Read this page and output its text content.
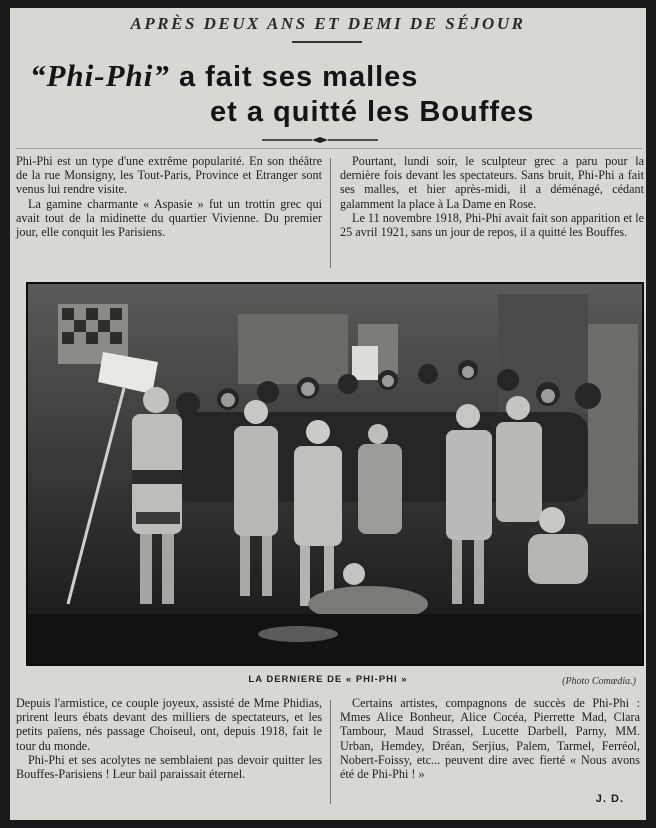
APRÈS DEUX ANS ET DEMI DE SÉJOUR
“Phi-Phi” a fait ses malles
et a quitté les Bouffes

Phi-Phi est un type d'une extrême popularité. En son théâtre de la rue Monsigny, les Tout-Paris, Province et Etranger sont venus lui rendre visite.

La gamine charmante « Aspasie » fut un trottin grec qui avait tout de la midinette du quartier Vivienne. Du premier jour, elle conquit les Parisiens.

Pourtant, lundi soir, le sculpteur grec a paru pour la dernière fois devant les spectateurs. Sans bruit, Phi-Phi a fait ses malles, et hier après-midi, il a déménagé, cédant galamment la place à La Dame en Rose.

Le 11 novembre 1918, Phi-Phi avait fait son apparition et le 25 avril 1921, sans un jour de repos, il a quitté les Bouffes.

LA DERNIERE DE « PHI-PHI »	(Photo Comœdia.)

Depuis l'armistice, ce couple joyeux, assisté de Mme Phidias, prirent leurs ébats devant des milliers de spectateurs, et les petits païens, nés passage Choiseul, ont, depuis 1918, fait le tour du monde.

Phi-Phi et ses acolytes ne semblaient pas devoir quitter les Bouffes-Parisiens ! Leur bail paraissait éternel.

Certains artistes, compagnons de succès de Phi-Phi : Mmes Alice Bonheur, Alice Cocéa, Pierrette Mad, Clara Tambour, Maud Strassel, Lucette Darbell, Parny, MM. Urban, Hemdey, Dréan, Serjius, Palem, Tarmel, Ferréol, Nobert-Foissy, etc... peuvent dire avec fierté « Nous avons été de Phi-Phi ! »

J. D.
